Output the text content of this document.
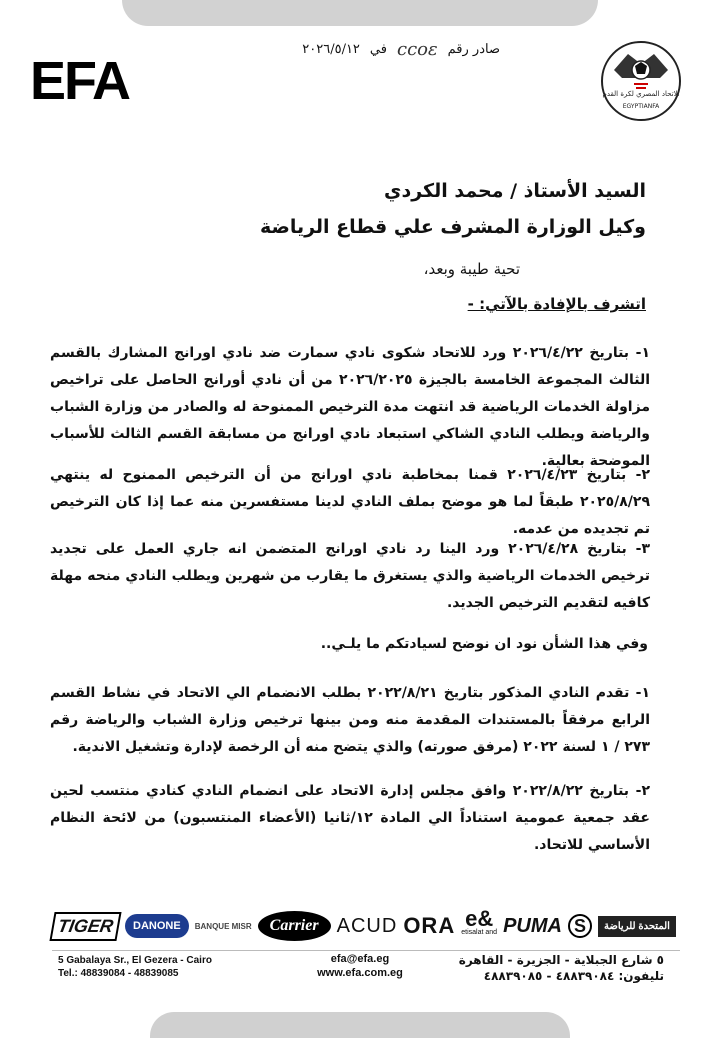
EFA
صادر رقم
ccoε
في
٢٠٢٦/٥/١٢
الاتحاد المصري لكرة القدم
EGYPTIANFA
السيد الأستاذ / محمد الكردي
وكيل الوزارة المشرف علي قطاع الرياضة
تحية طيبة وبعد،
اتشرف بالإفادة بالآتي: -
١- بتاريخ ٢٠٢٦/٤/٢٢ ورد للاتحاد شكوى نادي سمارت ضد نادي اورانج المشارك بالقسم الثالث المجموعة الخامسة بالجيزة ٢٠٢٦/٢٠٢٥ من أن نادي أورانج الحاصل على تراخيص مزاولة الخدمات الرياضية قد انتهت مدة الترخيص الممنوحة له والصادر من وزارة الشباب والرياضة ويطلب النادي الشاكي استبعاد نادي اورانج من مسابقة القسم الثالث للأسباب الموضحة بعالية.
٢- بتاريخ ٢٠٢٦/٤/٢٣ قمنا بمخاطبة نادي اورانج من أن الترخيص الممنوح له ينتهي ٢٠٢٥/٨/٢٩ طبقاً لما هو موضح بملف النادي لدينا مستفسرين منه عما إذا كان الترخيص تم تجديده من عدمه.
٣- بتاريخ ٢٠٢٦/٤/٢٨ ورد الينا رد نادي اورانج المتضمن انه جاري العمل على تجديد ترخيص الخدمات الرياضية والذي يستغرق ما يقارب من شهرين ويطلب النادي منحه مهلة كافيه لتقديم الترخيص الجديد.
وفي هذا الشأن نود ان نوضح لسيادتكم ما يلـي..
١- تقدم النادي المذكور بتاريخ ٢٠٢٢/٨/٢١ بطلب الانضمام الي الاتحاد في نشاط القسم الرابع مرفقاً بالمستندات المقدمة منه ومن بينها ترخيص وزارة الشباب والرياضة رقم ٢٧٣ / ١ لسنة ٢٠٢٢ (مرفق صورته) والذي يتضح منه أن الرخصة لإدارة وتشغيل الاندية.
٢- بتاريخ ٢٠٢٢/٨/٢٢ وافق مجلس إدارة الاتحاد على انضمام النادي كنادي منتسب لحين عقد جمعية عمومية استناداً الي المادة ١٢/ثانيا (الأعضاء المنتسبون) من لائحة النظام الأساسي للاتحاد.
TIGER	DANONE	BANQUE MISR	Carrier ACUD ORA e&
etisalat and PUMA S	المتحدة للرياضة
5 Gabalaya Sr., El Gezera - Cairo
Tel.: 48839084 - 48839085
efa@efa.eg
www.efa.com.eg
٥ شارع الجبلاية - الجزيرة - القاهرة
تليفون: ٤٨٨٣٩٠٨٤ - ٤٨٨٣٩٠٨٥
